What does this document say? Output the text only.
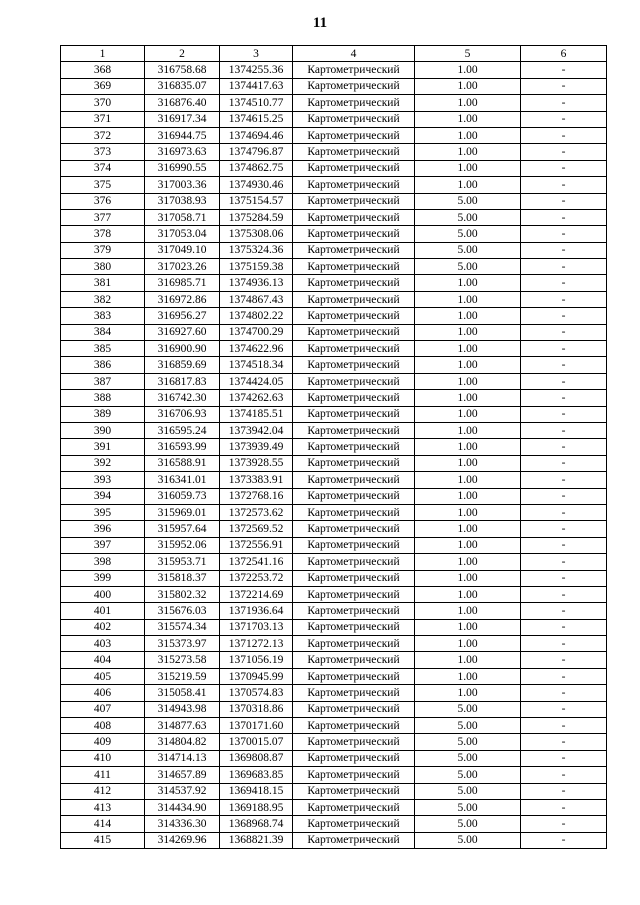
11
1	2	3	4	5	6
368	316758.68	1374255.36	Картометрический	1.00	-
369	316835.07	1374417.63	Картометрический	1.00	-
370	316876.40	1374510.77	Картометрический	1.00	-
371	316917.34	1374615.25	Картометрический	1.00	-
372	316944.75	1374694.46	Картометрический	1.00	-
373	316973.63	1374796.87	Картометрический	1.00	-
374	316990.55	1374862.75	Картометрический	1.00	-
375	317003.36	1374930.46	Картометрический	1.00	-
376	317038.93	1375154.57	Картометрический	5.00	-
377	317058.71	1375284.59	Картометрический	5.00	-
378	317053.04	1375308.06	Картометрический	5.00	-
379	317049.10	1375324.36	Картометрический	5.00	-
380	317023.26	1375159.38	Картометрический	5.00	-
381	316985.71	1374936.13	Картометрический	1.00	-
382	316972.86	1374867.43	Картометрический	1.00	-
383	316956.27	1374802.22	Картометрический	1.00	-
384	316927.60	1374700.29	Картометрический	1.00	-
385	316900.90	1374622.96	Картометрический	1.00	-
386	316859.69	1374518.34	Картометрический	1.00	-
387	316817.83	1374424.05	Картометрический	1.00	-
388	316742.30	1374262.63	Картометрический	1.00	-
389	316706.93	1374185.51	Картометрический	1.00	-
390	316595.24	1373942.04	Картометрический	1.00	-
391	316593.99	1373939.49	Картометрический	1.00	-
392	316588.91	1373928.55	Картометрический	1.00	-
393	316341.01	1373383.91	Картометрический	1.00	-
394	316059.73	1372768.16	Картометрический	1.00	-
395	315969.01	1372573.62	Картометрический	1.00	-
396	315957.64	1372569.52	Картометрический	1.00	-
397	315952.06	1372556.91	Картометрический	1.00	-
398	315953.71	1372541.16	Картометрический	1.00	-
399	315818.37	1372253.72	Картометрический	1.00	-
400	315802.32	1372214.69	Картометрический	1.00	-
401	315676.03	1371936.64	Картометрический	1.00	-
402	315574.34	1371703.13	Картометрический	1.00	-
403	315373.97	1371272.13	Картометрический	1.00	-
404	315273.58	1371056.19	Картометрический	1.00	-
405	315219.59	1370945.99	Картометрический	1.00	-
406	315058.41	1370574.83	Картометрический	1.00	-
407	314943.98	1370318.86	Картометрический	5.00	-
408	314877.63	1370171.60	Картометрический	5.00	-
409	314804.82	1370015.07	Картометрический	5.00	-
410	314714.13	1369808.87	Картометрический	5.00	-
411	314657.89	1369683.85	Картометрический	5.00	-
412	314537.92	1369418.15	Картометрический	5.00	-
413	314434.90	1369188.95	Картометрический	5.00	-
414	314336.30	1368968.74	Картометрический	5.00	-
415	314269.96	1368821.39	Картометрический	5.00	-
